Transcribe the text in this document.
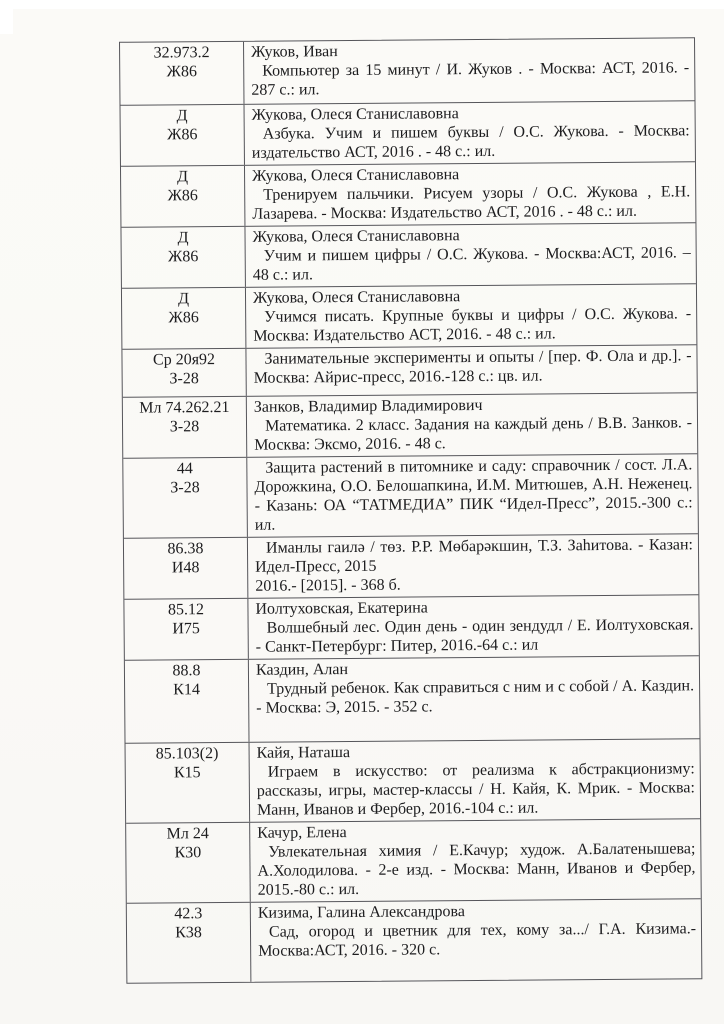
32.973.2
Ж86
Жуков, Иван
Компьютер за 15 минут / И. Жуков . - Москва: АСТ, 2016. - 287 с.: ил.
Д
Ж86
Жукова, Олеся Станиславовна
Азбука. Учим и пишем буквы / О.С. Жукова. - Москва: издательство АСТ, 2016 . - 48 с.: ил.
Д
Ж86
Жукова, Олеся Станиславовна
Тренируем пальчики. Рисуем узоры / О.С. Жукова , Е.Н. Лазарева. - Москва: Издательство АСТ, 2016 . - 48 с.: ил.
Д
Ж86
Жукова, Олеся Станиславовна
Учим и пишем цифры / О.С. Жукова. - Москва:АСТ, 2016. – 48 с.: ил.
Д
Ж86
Жукова, Олеся Станиславовна
Учимся писать. Крупные буквы и цифры / О.С. Жукова. - Москва: Издательство АСТ, 2016. - 48 с.: ил.
Ср 20я92
З-28
Занимательные эксперименты и опыты / [пер. Ф. Ола и др.]. - Москва: Айрис-пресс, 2016.-128 с.: цв. ил.
Мл 74.262.21
З-28
Занков, Владимир Владимирович
Математика. 2 класс. Задания на каждый день / В.В. Занков. - Москва: Эксмо, 2016. - 48 с.
44
З-28
Защита растений в питомнике и саду: справочник / сост. Л.А. Дорожкина, О.О. Белошапкина, И.М. Митюшев, А.Н. Неженец. - Казань: ОА “ТАТМЕДИА” ПИК “Идел-Пресс”, 2015.-300 с.: ил.
86.38
И48
Иманлы гаилә / төз. Р.Р. Мөбарәкшин, Т.З. Заһитова. - Казан: Идел-Пресс, 2015
2016.- [2015]. - 368 б.
85.12
И75
Иолтуховская, Екатерина
Волшебный лес. Один день - один зендудл / Е. Иолтуховская. - Санкт-Петербург: Питер, 2016.-64 с.: ил
88.8
К14
Каздин, Алан
Трудный ребенок. Как справиться с ним и с собой / А. Каздин. - Москва: Э, 2015. - 352 с.
85.103(2)
К15
Кайя, Наташа
Играем в искусство: от реализма к абстракционизму: рассказы, игры, мастер-классы / Н. Кайя, К. Мрик. - Москва: Манн, Иванов и Фербер, 2016.-104 с.: ил.
Мл 24
К30
Качур, Елена
Увлекательная химия / Е.Качур; худож. А.Балатенышева; А.Холодилова. - 2-е изд. - Москва: Манн, Иванов и Фербер, 2015.-80 с.: ил.
42.3
К38
Кизима, Галина Александрова
Сад, огород и цветник для тех, кому за.../ Г.А. Кизима.- Москва:АСТ, 2016. - 320 с.
